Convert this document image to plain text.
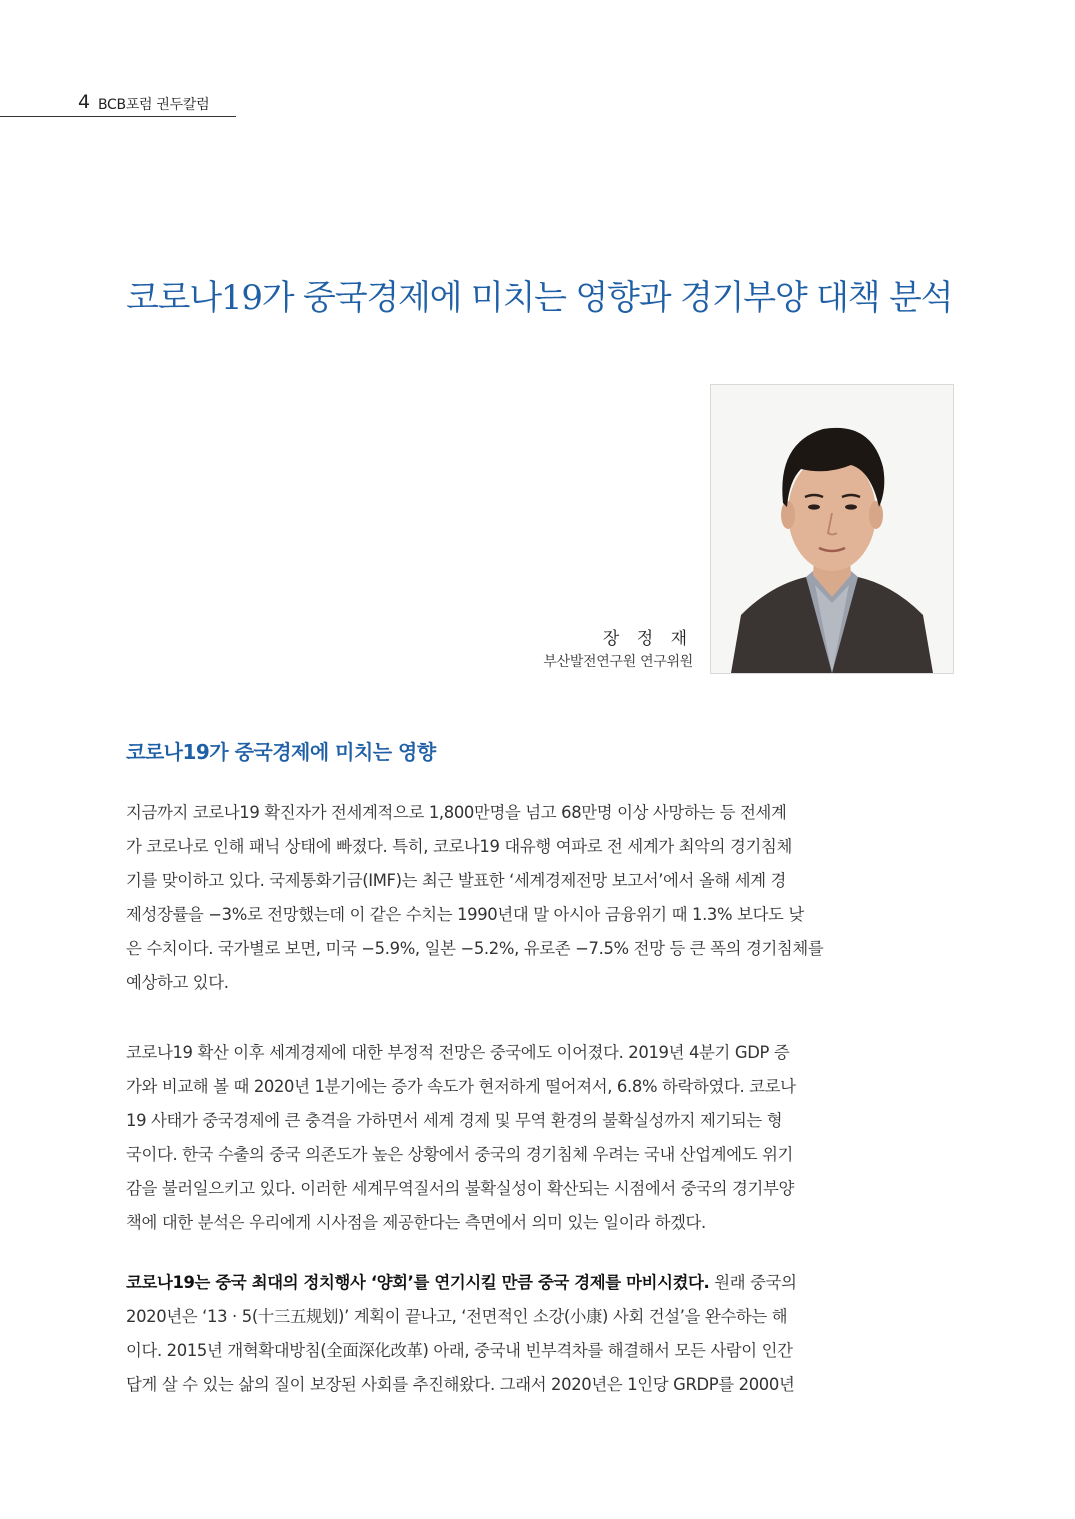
4 BCB포럼 권두칼럼
코로나19가 중국경제에 미치는 영향과 경기부양 대책 분석
장 정 재
부산발전연구원 연구위원
코로나19가 중국경제에 미치는 영향
지금까지 코로나19 확진자가 전세계적으로 1,800만명을 넘고 68만명 이상 사망하는 등 전세계
가 코로나로 인해 패닉 상태에 빠졌다. 특히, 코로나19 대유행 여파로 전 세계가 최악의 경기침체
기를 맞이하고 있다. 국제통화기금(IMF)는 최근 발표한 ‘세계경제전망 보고서’에서 올해 세계 경
제성장률을 −3%로 전망했는데 이 같은 수치는 1990년대 말 아시아 금융위기 때 1.3% 보다도 낮
은 수치이다. 국가별로 보면, 미국 −5.9%, 일본 −5.2%, 유로존 −7.5% 전망 등 큰 폭의 경기침체를
예상하고 있다.
코로나19 확산 이후 세계경제에 대한 부정적 전망은 중국에도 이어졌다. 2019년 4분기 GDP 증
가와 비교해 볼 때 2020년 1분기에는 증가 속도가 현저하게 떨어져서, 6.8% 하락하였다. 코로나
19 사태가 중국경제에 큰 충격을 가하면서 세계 경제 및 무역 환경의 불확실성까지 제기되는 형
국이다. 한국 수출의 중국 의존도가 높은 상황에서 중국의 경기침체 우려는 국내 산업계에도 위기
감을 불러일으키고 있다. 이러한 세계무역질서의 불확실성이 확산되는 시점에서 중국의 경기부양
책에 대한 분석은 우리에게 시사점을 제공한다는 측면에서 의미 있는 일이라 하겠다.
코로나19는 중국 최대의 정치행사 ‘양회’를 연기시킬 만큼 중국 경제를 마비시켰다. 원래 중국의
2020년은 ‘13 · 5(十三五规划)’ 계획이 끝나고, ‘전면적인 소강(小康) 사회 건설’을 완수하는 해
이다. 2015년 개혁확대방침(全面深化改革) 아래, 중국내 빈부격차를 해결해서 모든 사람이 인간
답게 살 수 있는 삶의 질이 보장된 사회를 추진해왔다. 그래서 2020년은 1인당 GRDP를 2000년
